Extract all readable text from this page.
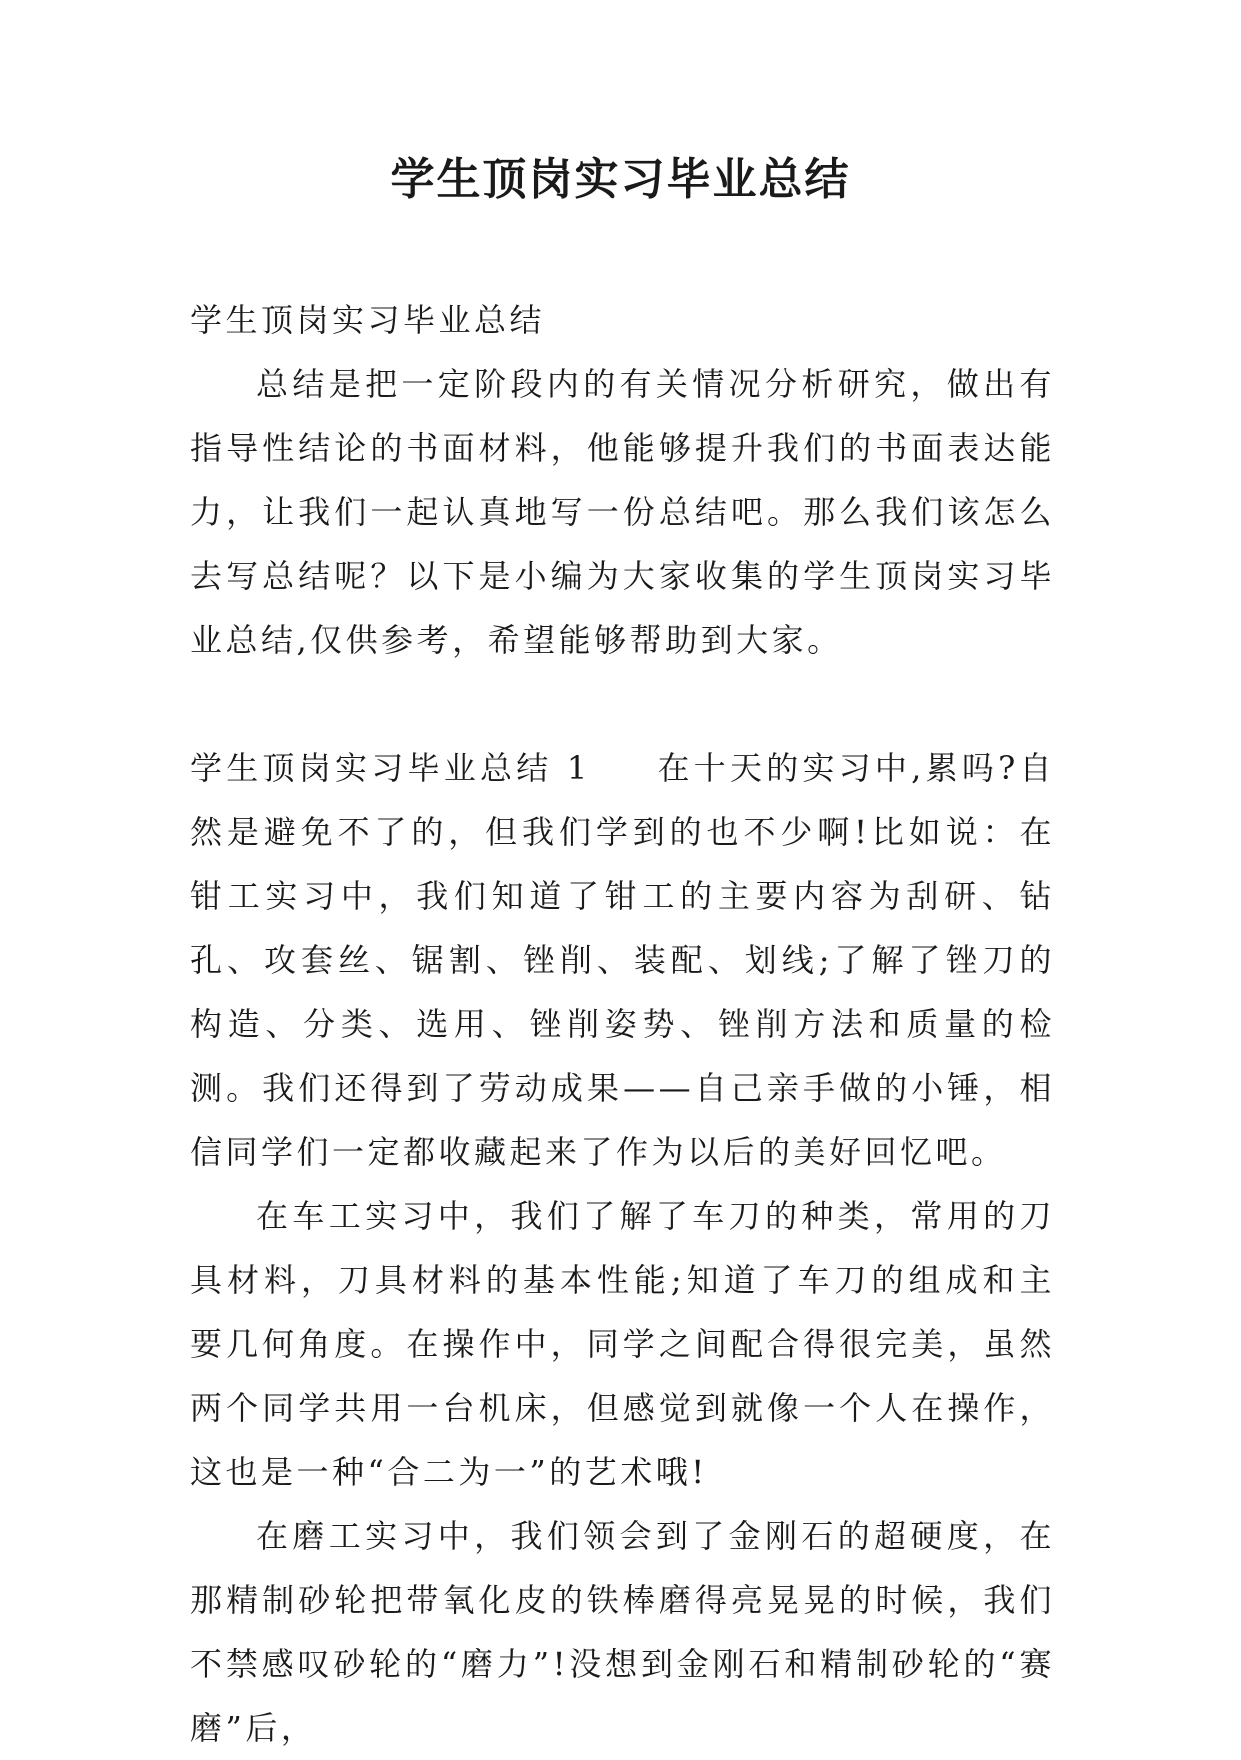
学生顶岗实习毕业总结

学生顶岗实习毕业总结

总结是把一定阶段内的有关情况分析研究，做出有指导性结论的书面材料，他能够提升我们的书面表达能力，让我们一起认真地写一份总结吧。那么我们该怎么去写总结呢？以下是小编为大家收集的学生顶岗实习毕业总结,仅供参考，希望能够帮助到大家。

学生顶岗实习毕业总结 1 在十天的实习中,累吗?自然是避免不了的，但我们学到的也不少啊!比如说：在钳工实习中，我们知道了钳工的主要内容为刮研、钻孔、攻套丝、锯割、锉削、装配、划线;了解了锉刀的构造、分类、选用、锉削姿势、锉削方法和质量的检测。我们还得到了劳动成果——自己亲手做的小锤，相信同学们一定都收藏起来了作为以后的美好回忆吧。

在车工实习中，我们了解了车刀的种类，常用的刀具材料，刀具材料的基本性能;知道了车刀的组成和主要几何角度。在操作中，同学之间配合得很完美，虽然两个同学共用一台机床，但感觉到就像一个人在操作，这也是一种“合二为一”的艺术哦!

在磨工实习中，我们领会到了金刚石的超硬度，在那精制砂轮把带氧化皮的铁棒磨得亮晃晃的时候，我们不禁感叹砂轮的“磨力”!没想到金刚石和精制砂轮的“赛磨”后，
